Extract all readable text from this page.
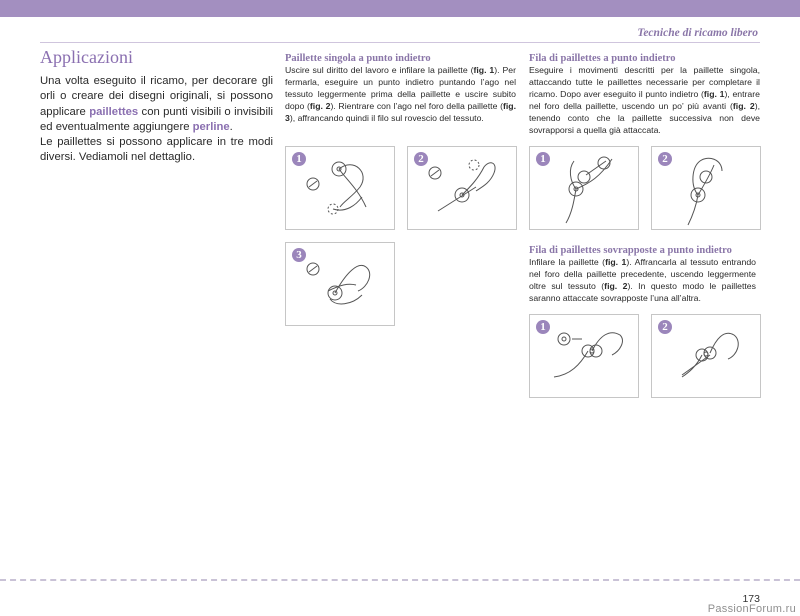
Tecniche di ricamo libero
Applicazioni
Una volta eseguito il ricamo, per decorare gli orli o creare dei disegni originali, si possono applicare paillettes con punti visibili o invisibili ed eventualmente aggiungere perline.
Le paillettes si possono applicare in tre modi diversi. Vediamoli nel dettaglio.
Paillette singola a punto indietro
Uscire sul diritto del lavoro e infilare la paillette (fig. 1). Per fermarla, eseguire un punto indietro puntando l’ago nel tessuto leggermente prima della paillette e uscire subito dopo (fig. 2). Rientrare con l’ago nel foro della paillette (fig. 3), affrancando quindi il filo sul rovescio del tessuto.
1	2
3
Fila di paillettes a punto indietro
Eseguire i movimenti descritti per la paillette singola, attaccando tutte le paillettes necessarie per completare il ricamo. Dopo aver eseguito il punto indietro (fig. 1), entrare nel foro della paillette, uscendo un po’ più avanti (fig. 2), tenendo conto che la paillette successiva non deve sovrapporsi a quella già attaccata.
1	2
Fila di paillettes sovrapposte a punto indietro
Infilare la paillette (fig. 1). Affrancarla al tessuto entrando nel foro della paillette precedente, uscendo leggermente oltre sul tessuto (fig. 2). In questo modo le paillettes saranno attaccate sovrapposte l’una all’altra.
1	2
173
PassionForum.ru
